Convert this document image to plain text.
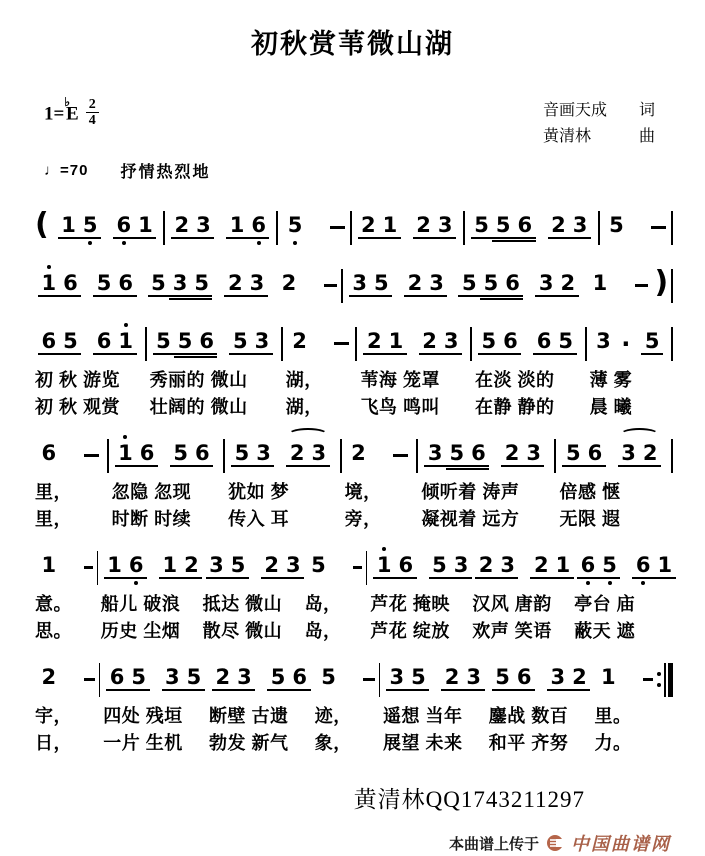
初秋赏苇微山湖
$1=^♭E \frac{2}{4}$	音画天成 词
黄清林	曲
♩=70 抒情热烈地
( 1 5 6 1 2 3 1 6 5	2 1 2 3 5 5 6 2 3 5
1 6 5 6 5 3 5 2 3 2	3 5 2 3 5 5 6 3 2 1 )
6 5 6 1
初 秋 游览
初 秋 观赏
5 5 6 5 3
秀丽的 微山
壮阔的 微山
2
湖，
湖，
2 1 2 3
苇海 笼罩
飞鸟 鸣叫
5 6 6 5
在淡 淡的
在静 静的
3 · 5
薄 雾
晨 曦
6
里，
里，
1 6 5 6
忽隐 忽现
时断 时续
5 3 2 3
犹如 梦
传入 耳
2
境，
旁，
3 5 6 2 3
倾听着 涛声
凝视着 远方
5 6 3 2
倍感 惬
无限 遐
1
意。
思。
1 6 1 2
船儿 破浪
历史 尘烟
3 5 2 3
抵达 微山
散尽 微山
5
岛，
岛，
1 6 5 3
芦花 掩映
芦花 绽放
2 3 2 1
汉风 唐韵
欢声 笑语
6 5 6 1
亭台 庙
蔽天 遮
2
宇，
日，
6 5 3 5
四处 残垣
一片 生机
2 3 5 6
断壁 古遗
勃发 新气
5
迹，
象，
3 5 2 3
遥想 当年
展望 未来
5 6 3 2
鏖战 数百
和平 齐努
1
里。
力。
黄清林QQ1743211297
本曲谱上传于 中国曲谱网
